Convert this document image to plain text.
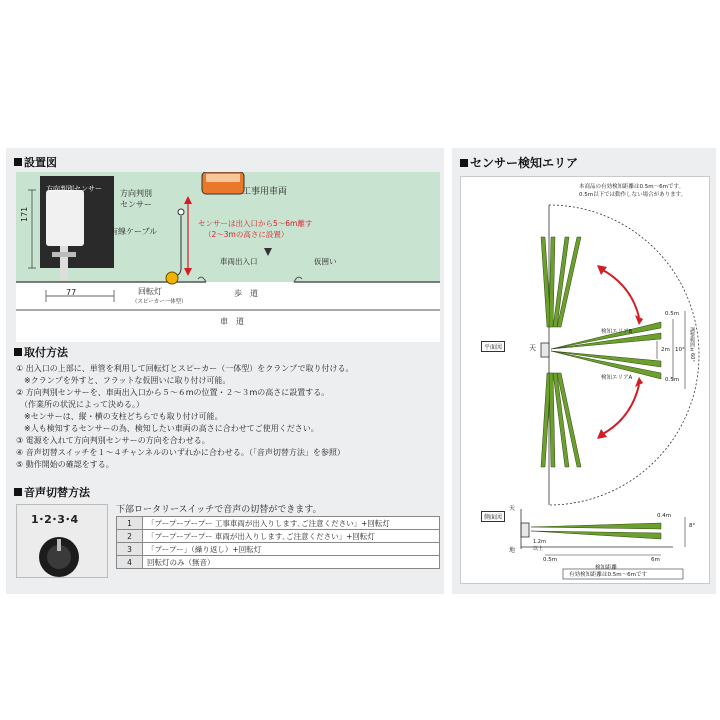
設置図
方向判別センサー
171
77
方向判別
センサー
有線ケーブル
工事用車両
センサーは出入口から5〜6m離す
（2〜3mの高さに設置）
車両出入口	仮囲い
歩　道
車　道
回転灯
（スピーカー一体型）
取付方法
① 出入口の上部に、単管を利用して回転灯とスピーカー（一体型）をクランプで取り付ける。
　※クランプを外すと、フラットな仮囲いに取り付け可能。
② 方向判別センサーを、車両出入口から５〜６mの位置・２〜３mの高さに設置する。
　（作業所の状況によって決める。）
　※センサーは、縦・横の支柱どちらでも取り付け可能。
　※人も検知するセンサーの為、検知したい車両の高さに合わせてご使用ください。
③ 電源を入れて方向判別センサーの方向を合わせる。
④ 音声切替スイッチを１〜４チャンネルのいずれかに合わせる。（「音声切替方法」を参照）
⑤ 動作開始の確認をする。
音声切替方法
下部ロータリースイッチで音声の切替ができます。
1･2･3･4	1	「プープープープー 工事車両が出入りします､ご注意ください」+回転灯
2	「プープープープー 車両が出入りします､ご注意ください」+回転灯
3	「プープー」（繰り返し）+回転灯
4	回転灯のみ（無音）
センサー検知エリア
本商品の有効検知距離は0.5m〜6mです。
0.5m以下では動作しない場合があります。
平面図	天
検知エリアB
検知エリアA
0.5m
2m 10° 調整範囲±60°
0.5m
側面図
天
地
1.2m
以上
0.4m
8°
0.5m	6m
検知距離
有効検知距離は0.5m〜6mです
